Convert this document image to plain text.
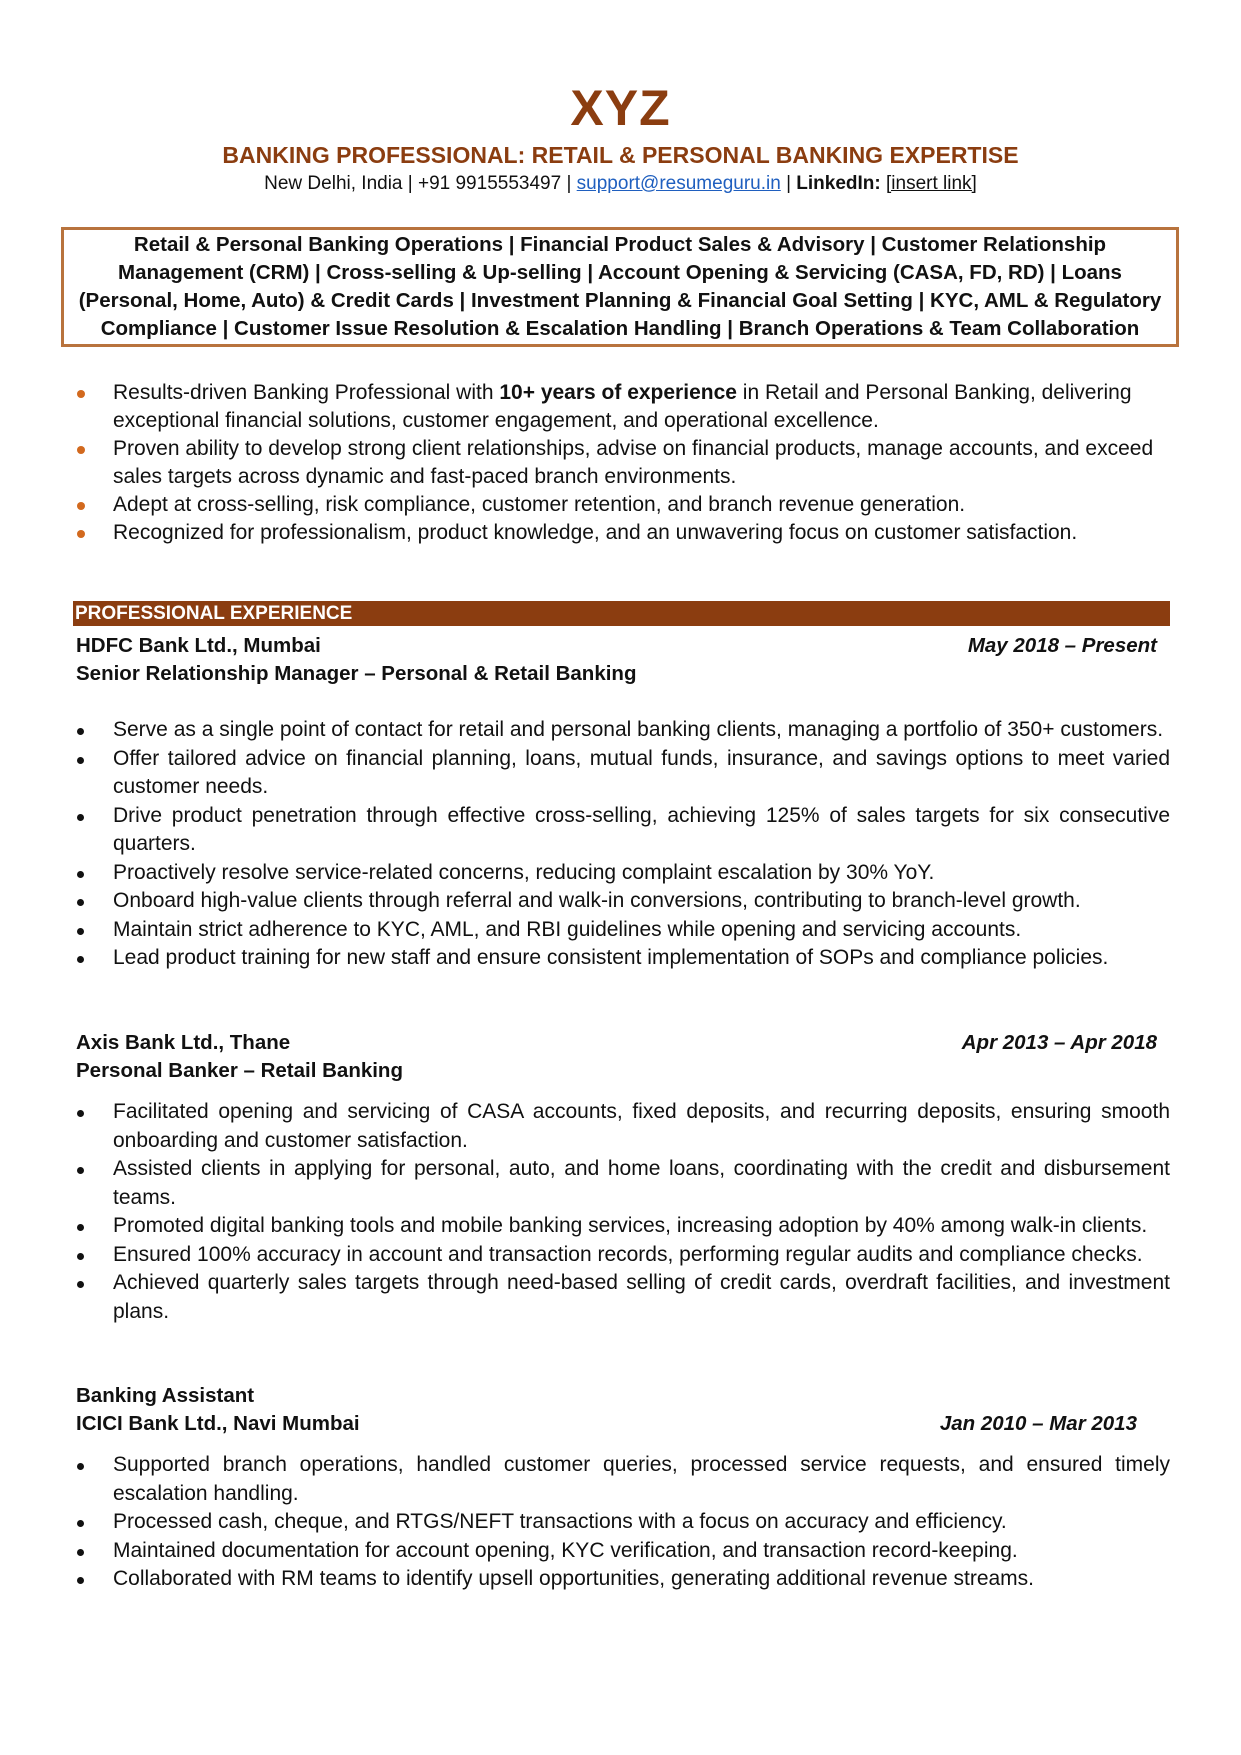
XYZ
BANKING PROFESSIONAL: RETAIL & PERSONAL BANKING EXPERTISE
New Delhi, India | +91 9915553497 | support@resumeguru.in | LinkedIn: [insert link]
Retail & Personal Banking Operations | Financial Product Sales & Advisory | Customer Relationship Management (CRM) | Cross-selling & Up-selling | Account Opening & Servicing (CASA, FD, RD) | Loans (Personal, Home, Auto) & Credit Cards | Investment Planning & Financial Goal Setting | KYC, AML & Regulatory Compliance | Customer Issue Resolution & Escalation Handling | Branch Operations & Team Collaboration
Results-driven Banking Professional with 10+ years of experience in Retail and Personal Banking, delivering exceptional financial solutions, customer engagement, and operational excellence.
Proven ability to develop strong client relationships, advise on financial products, manage accounts, and exceed sales targets across dynamic and fast-paced branch environments.
Adept at cross-selling, risk compliance, customer retention, and branch revenue generation.
Recognized for professionalism, product knowledge, and an unwavering focus on customer satisfaction.
PROFESSIONAL EXPERIENCE
HDFC Bank Ltd., Mumbai	May 2018 – Present
Senior Relationship Manager – Personal & Retail Banking
Serve as a single point of contact for retail and personal banking clients, managing a portfolio of 350+ customers.
Offer tailored advice on financial planning, loans, mutual funds, insurance, and savings options to meet varied customer needs.
Drive product penetration through effective cross-selling, achieving 125% of sales targets for six consecutive quarters.
Proactively resolve service-related concerns, reducing complaint escalation by 30% YoY.
Onboard high-value clients through referral and walk-in conversions, contributing to branch-level growth.
Maintain strict adherence to KYC, AML, and RBI guidelines while opening and servicing accounts.
Lead product training for new staff and ensure consistent implementation of SOPs and compliance policies.
Axis Bank Ltd., Thane	Apr 2013 – Apr 2018
Personal Banker – Retail Banking
Facilitated opening and servicing of CASA accounts, fixed deposits, and recurring deposits, ensuring smooth onboarding and customer satisfaction.
Assisted clients in applying for personal, auto, and home loans, coordinating with the credit and disbursement teams.
Promoted digital banking tools and mobile banking services, increasing adoption by 40% among walk-in clients.
Ensured 100% accuracy in account and transaction records, performing regular audits and compliance checks.
Achieved quarterly sales targets through need-based selling of credit cards, overdraft facilities, and investment plans.
Banking Assistant
ICICI Bank Ltd., Navi Mumbai	Jan 2010 – Mar 2013
Supported branch operations, handled customer queries, processed service requests, and ensured timely escalation handling.
Processed cash, cheque, and RTGS/NEFT transactions with a focus on accuracy and efficiency.
Maintained documentation for account opening, KYC verification, and transaction record-keeping.
Collaborated with RM teams to identify upsell opportunities, generating additional revenue streams.
